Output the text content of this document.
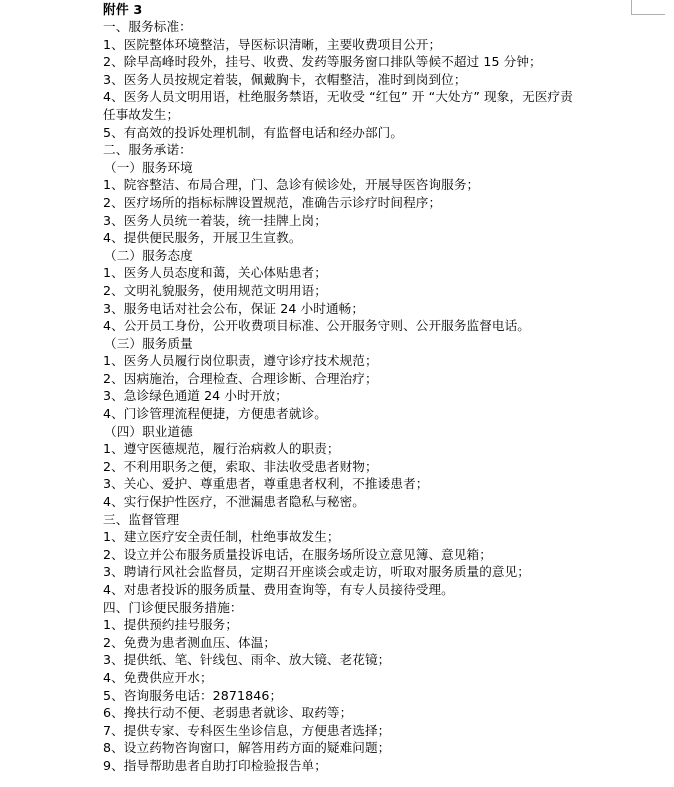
附件 3
一、服务标准：
1、医院整体环境整洁，导医标识清晰，主要收费项目公开；
2、除早高峰时段外，挂号、收费、发药等服务窗口排队等候不超过 15 分钟；
3、医务人员按规定着装，佩戴胸卡，衣帽整洁，准时到岗到位；
4、医务人员文明用语，杜绝服务禁语，无收受 “红包” 开 “大处方” 现象，无医疗责任事故发生；
5、有高效的投诉处理机制，有监督电话和经办部门。
二、服务承诺：
（一）服务环境
1、院容整洁、布局合理，门、急诊有候诊处，开展导医咨询服务；
2、医疗场所的指标标牌设置规范，准确告示诊疗时间程序；
3、医务人员统一着装，统一挂牌上岗；
4、提供便民服务，开展卫生宣教。
（二）服务态度
1、医务人员态度和蔼，关心体贴患者；
2、文明礼貌服务，使用规范文明用语；
3、服务电话对社会公布，保证 24 小时通畅；
4、公开员工身份，公开收费项目标准、公开服务守则、公开服务监督电话。
（三）服务质量
1、医务人员履行岗位职责，遵守诊疗技术规范；
2、因病施治，合理检查、合理诊断、合理治疗；
3、急诊绿色通道 24 小时开放；
4、门诊管理流程便捷，方便患者就诊。
（四）职业道德
1、遵守医德规范，履行治病救人的职责；
2、不利用职务之便，索取、非法收受患者财物；
3、关心、爱护、尊重患者，尊重患者权利，不推诿患者；
4、实行保护性医疗，不泄漏患者隐私与秘密。
三、监督管理
1、建立医疗安全责任制，杜绝事故发生；
2、设立并公布服务质量投诉电话，在服务场所设立意见簿、意见箱；
3、聘请行风社会监督员，定期召开座谈会或走访，听取对服务质量的意见；
4、对患者投诉的服务质量、费用查询等，有专人员接待受理。
四、门诊便民服务措施：
1、提供预约挂号服务；
2、免费为患者测血压、体温；
3、提供纸、笔、针线包、雨伞、放大镜、老花镜；
4、免费供应开水；
5、咨询服务电话：2871846；
6、搀扶行动不便、老弱患者就诊、取药等；
7、提供专家、专科医生坐诊信息，方便患者选择；
8、设立药物咨询窗口，解答用药方面的疑难问题；
9、指导帮助患者自助打印检验报告单；
